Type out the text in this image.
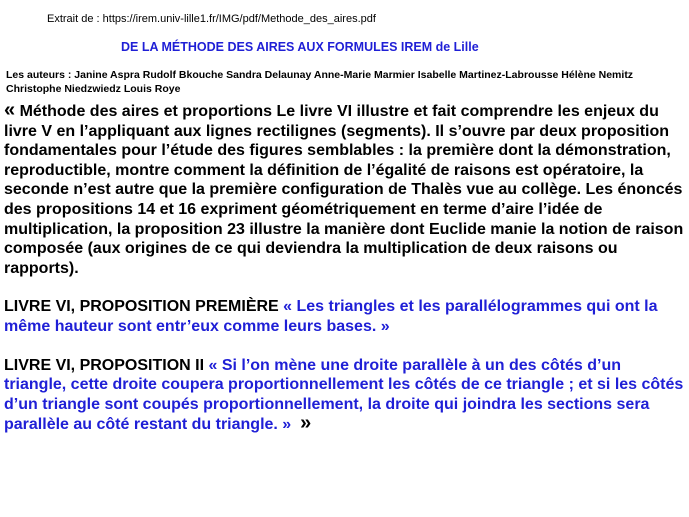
Extrait de : https://irem.univ-lille1.fr/IMG/pdf/Methode_des_aires.pdf
DE LA MÉTHODE DES AIRES AUX FORMULES IREM de Lille
Les auteurs : Janine Aspra Rudolf Bkouche Sandra Delaunay Anne-Marie Marmier Isabelle Martinez-Labrousse Hélène Nemitz Christophe Niedzwiedz Louis Roye

« Méthode des aires et proportions Le livre VI illustre et fait comprendre les enjeux du livre V en l’appliquant aux lignes rectilignes (segments). Il s’ouvre par deux proposition fondamentales pour l’étude des figures semblables : la première dont la démonstration, reproductible, montre comment la définition de l’égalité de raisons est opératoire, la seconde n’est autre que la première configuration de Thalès vue au collège. Les énoncés des propositions 14 et 16 expriment géométriquement en terme d’aire l’idée de multiplication, la proposition 23 illustre la manière dont Euclide manie la notion de raison composée (aux origines de ce qui deviendra la multiplication de deux raisons ou rapports).

LIVRE VI, PROPOSITION PREMIÈRE « Les triangles et les parallélogrammes qui ont la même hauteur sont entr’eux comme leurs bases. »

LIVRE VI, PROPOSITION II « Si l’on mène une droite parallèle à un des côtés d’un triangle, cette droite coupera proportionnellement les côtés de ce triangle ; et si les côtés d’un triangle sont coupés proportionnellement, la droite qui joindra les sections sera parallèle au côté restant du triangle. » »
